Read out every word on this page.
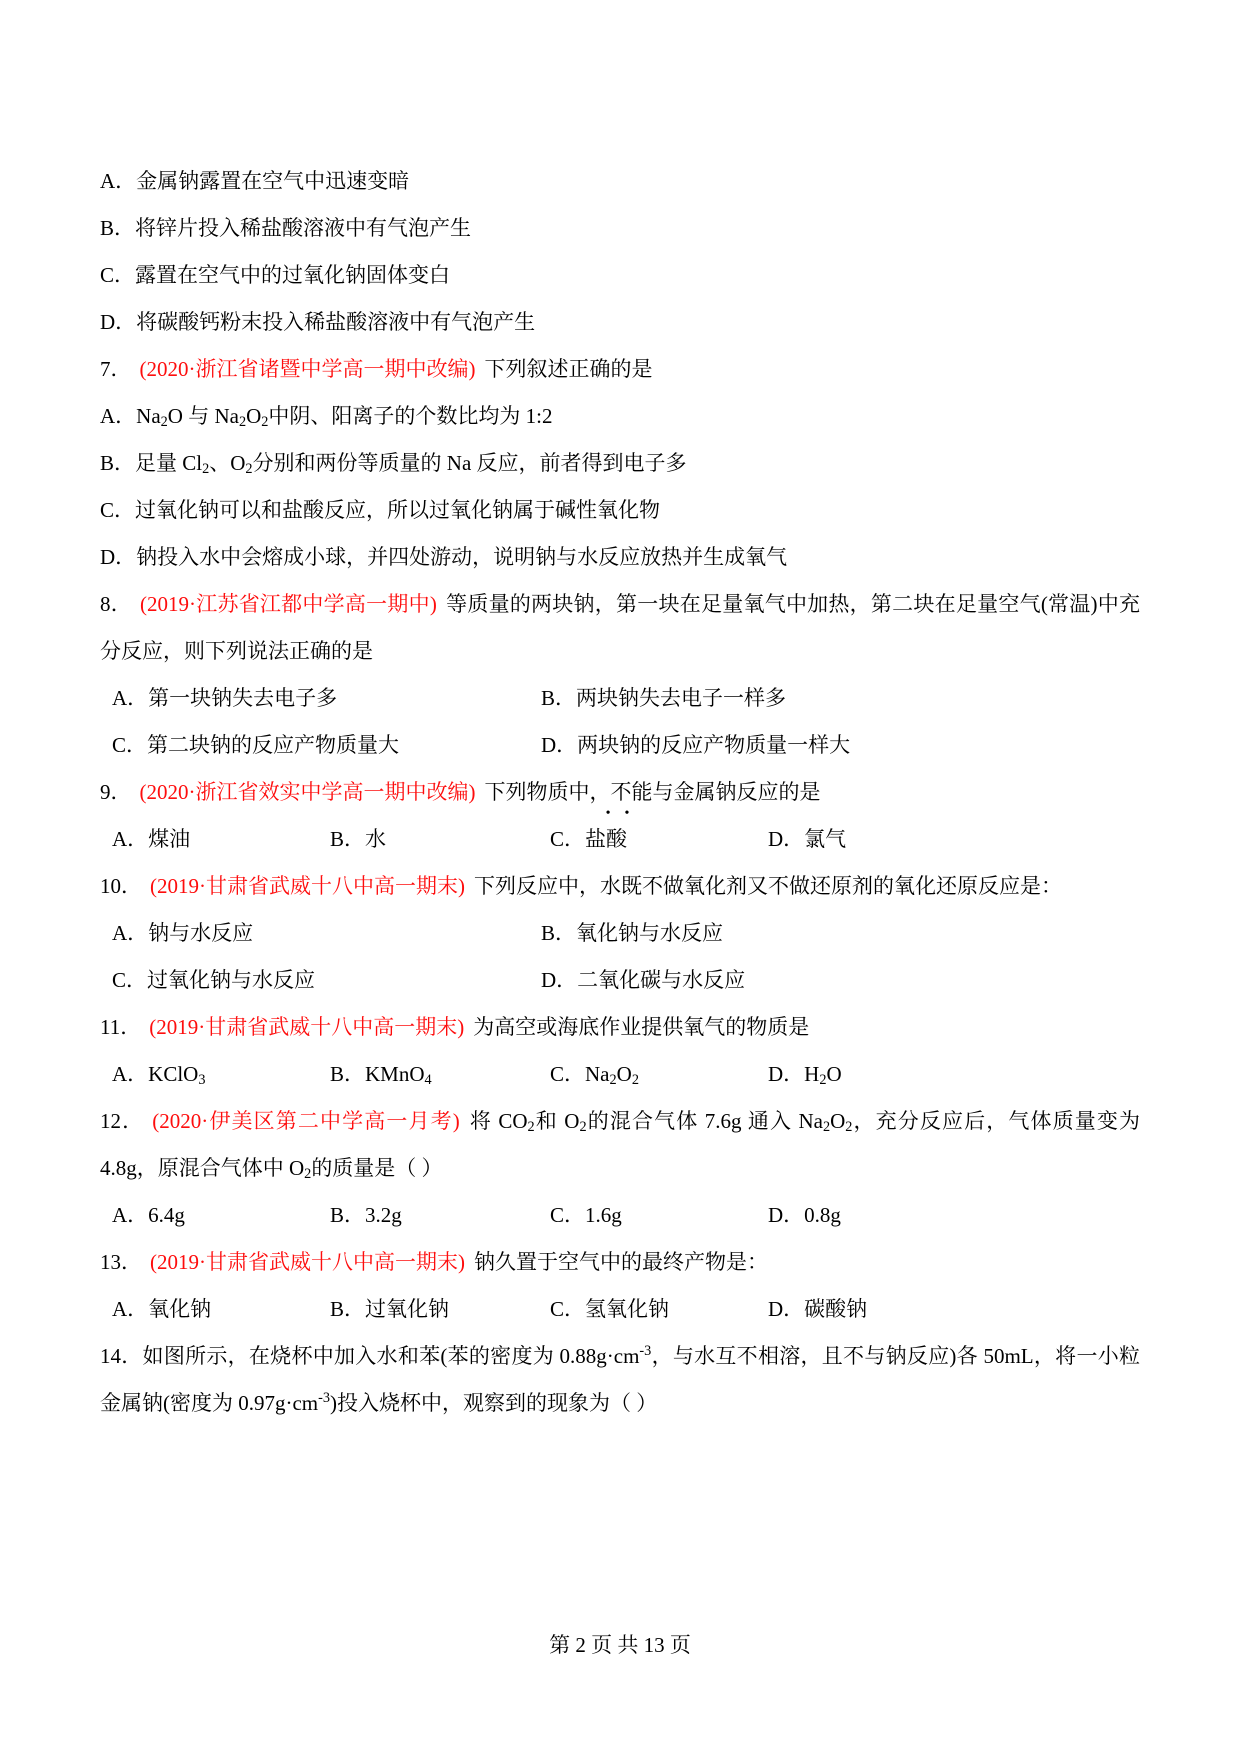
A．金属钠露置在空气中迅速变暗

B．将锌片投入稀盐酸溶液中有气泡产生

C．露置在空气中的过氧化钠固体变白

D．将碳酸钙粉末投入稀盐酸溶液中有气泡产生

7． (2020·浙江省诸暨中学高一期中改编) 下列叙述正确的是

A．$Na_2O$ 与 $Na_2O_2$中阴、阳离子的个数比均为 1:2

B．足量 $Cl_2$、$O_2$分别和两份等质量的 Na 反应，前者得到电子多

C．过氧化钠可以和盐酸反应，所以过氧化钠属于碱性氧化物

D．钠投入水中会熔成小球，并四处游动，说明钠与水反应放热并生成氧气

8． (2019·江苏省江都中学高一期中) 等质量的两块钠，第一块在足量氧气中加热，第二块在足量空气(常温)中充分反应，则下列说法正确的是

A．第一块钠失去电子多	B．两块钠失去电子一样多
C．第二块钠的反应产物质量大	D．两块钠的反应产物质量一样大

9． (2020·浙江省效实中学高一期中改编) 下列物质中，不能 ••与金属钠反应的是

A．煤油	B．水	C．盐酸	D．氯气

10． (2019·甘肃省武威十八中高一期末) 下列反应中，水既不做氧化剂又不做还原剂的氧化还原反应是：

A．钠与水反应	B．氧化钠与水反应
C．过氧化钠与水反应	D．二氧化碳与水反应

11． (2019·甘肃省武威十八中高一期末) 为高空或海底作业提供氧气的物质是

A．KClO$_3$	B．KMnO$_4$	C．$Na_2O_2$	D．$H_2O$

12． (2020·伊美区第二中学高一月考) 将 $CO_2$和 $O_2$的混合气体 7.6g 通入 $Na_2O_2$，充分反应后，气体质量变为 4.8g，原混合气体中 $O_2$的质量是（ ）

A．6.4g	B．3.2g	C．1.6g	D．0.8g

13． (2019·甘肃省武威十八中高一期末) 钠久置于空气中的最终产物是：

A．氧化钠	B．过氧化钠	C．氢氧化钠	D．碳酸钠

14．如图所示，在烧杯中加入水和苯(苯的密度为 $0.88g\cdot cm^{-3}$，与水互不相溶，且不与钠反应)各 50mL，将一小粒金属钠(密度为 $0.97g\cdot cm^{-3}$)投入烧杯中，观察到的现象为（ ）

第 2 页 共 13 页
